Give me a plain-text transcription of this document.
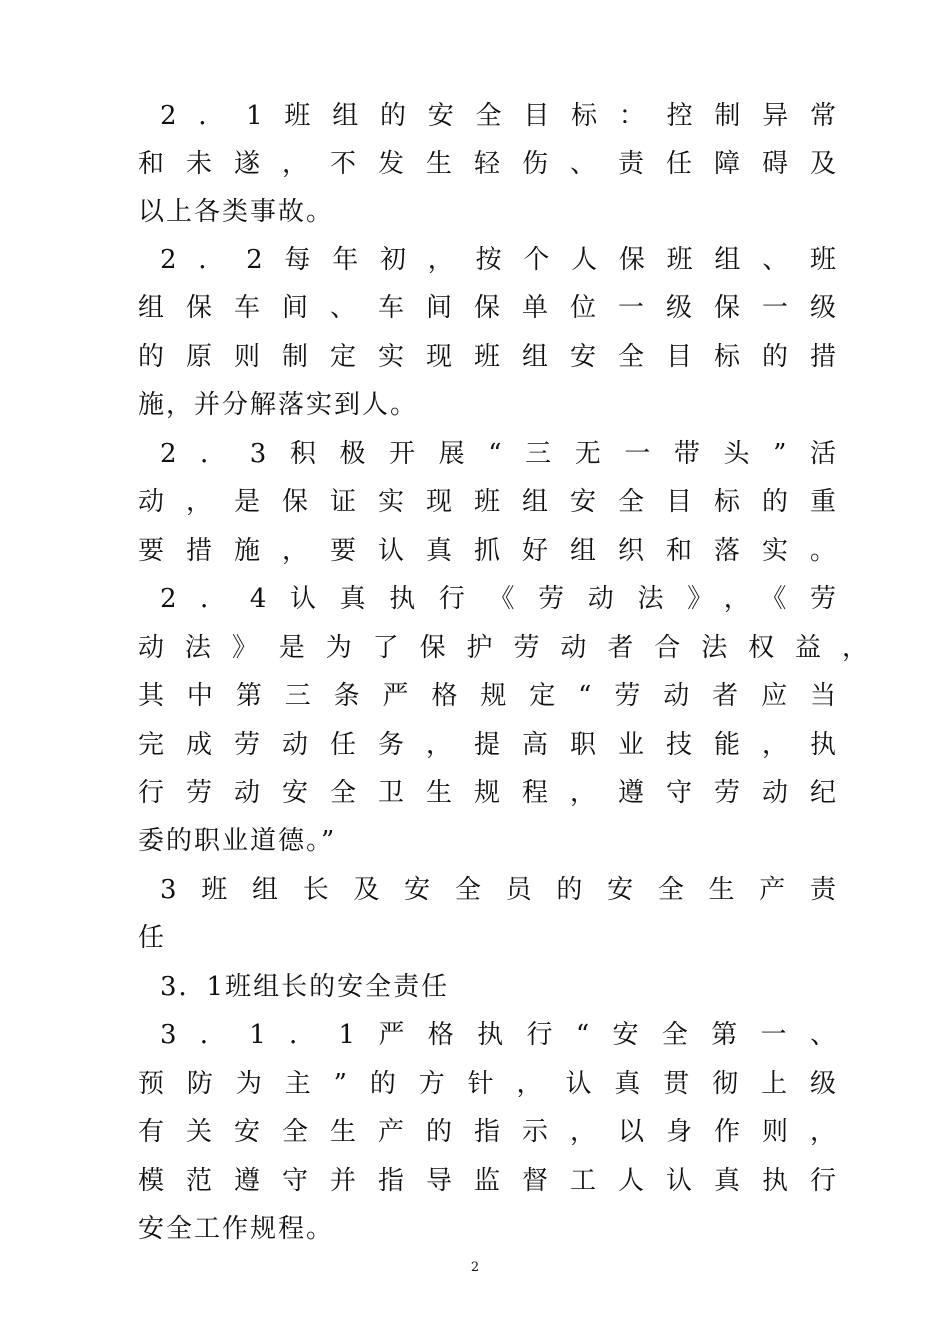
2．1班组的安全目标：控制异常
和未遂，不发生轻伤、责任障碍及
以上各类事故。
2．2每年初，按个人保班组、班
组保车间、车间保单位一级保一级
的原则制定实现班组安全目标的措
施，并分解落实到人。
2．3积极开展“三无一带头”活
动，是保证实现班组安全目标的重
要措施，要认真抓好组织和落实。
2．4认真执行《劳动法》，《劳
动法》是为了保护劳动者合法权益，
其中第三条严格规定“劳动者应当
完成劳动任务，提高职业技能，执
行劳动安全卫生规程，遵守劳动纪
委的职业道德。”
3班组长及安全员的安全生产责
任
3．1班组长的安全责任
3．1．1严格执行“安全第一、
预防为主”的方针，认真贯彻上级
有关安全生产的指示，以身作则，
模范遵守并指导监督工人认真执行
安全工作规程。
2
